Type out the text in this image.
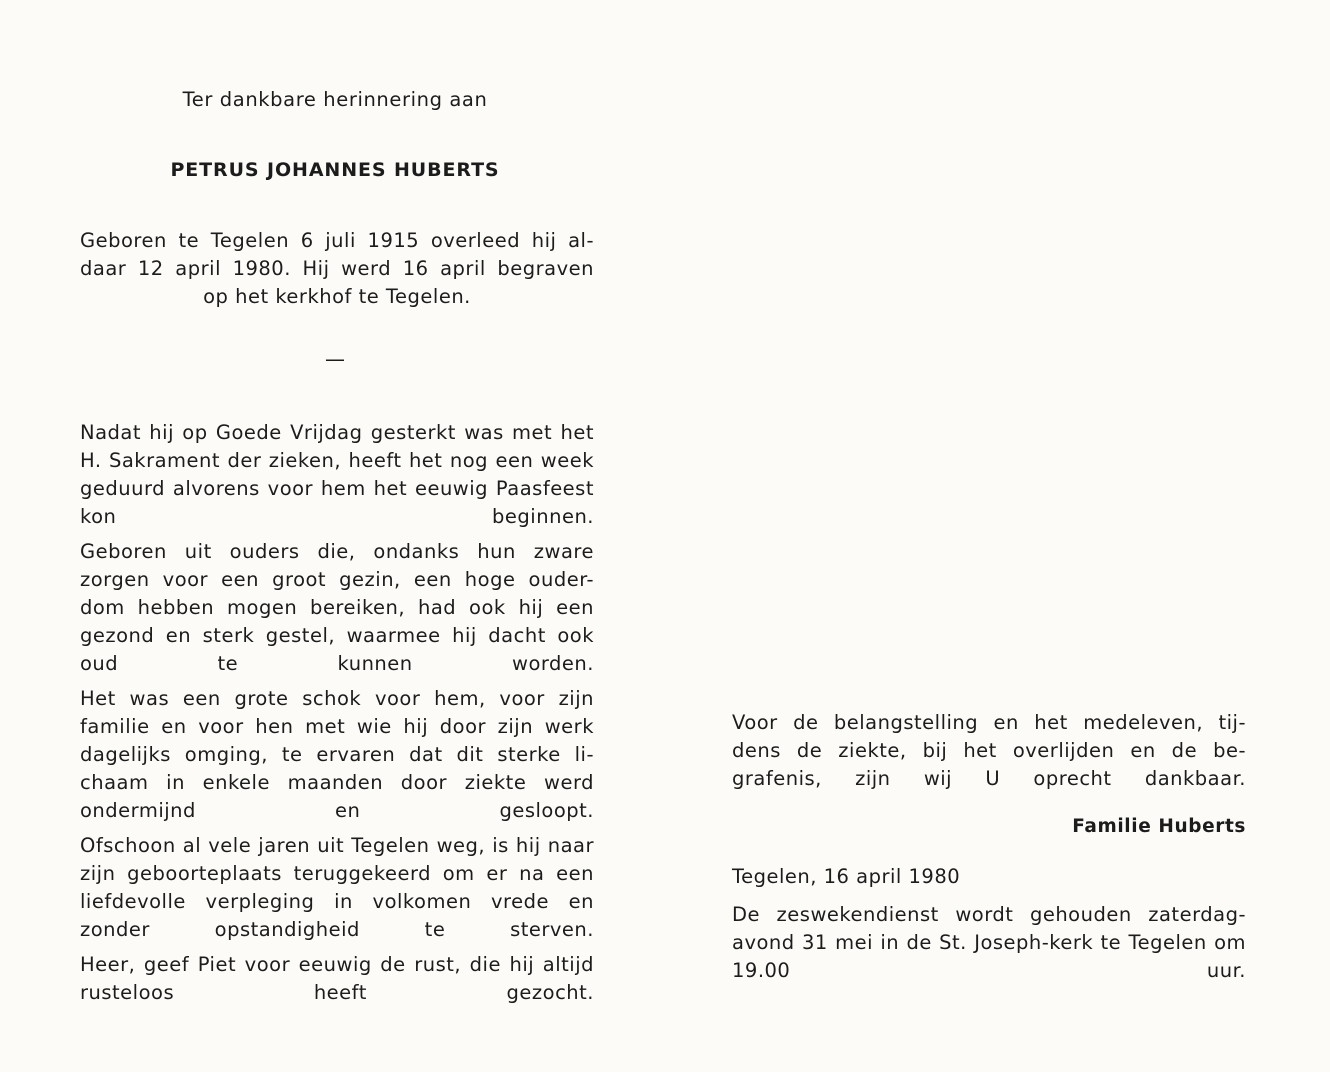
Ter dankbare herinnering aan

PETRUS JOHANNES HUBERTS

Geboren te Tegelen 6 juli 1915 overleed hij al-
daar 12 april 1980. Hij werd 16 april begraven
op het kerkhof te Tegelen.

—

Nadat hij op Goede Vrijdag gesterkt was met het H. Sakrament der zieken, heeft het nog een week geduurd alvorens voor hem het eeuwig Paasfeest kon beginnen.

Geboren uit ouders die, ondanks hun zware zorgen voor een groot gezin, een hoge ouder- dom hebben mogen bereiken, had ook hij een gezond en sterk gestel, waarmee hij dacht ook oud te kunnen worden.

Het was een grote schok voor hem, voor zijn familie en voor hen met wie hij door zijn werk dagelijks omging, te ervaren dat dit sterke li- chaam in enkele maanden door ziekte werd ondermijnd en gesloopt.

Ofschoon al vele jaren uit Tegelen weg, is hij naar zijn geboorteplaats teruggekeerd om er na een liefdevolle verpleging in volkomen vrede en zonder opstandigheid te sterven.

Heer, geef Piet voor eeuwig de rust, die hij altijd rusteloos heeft gezocht.

Voor de belangstelling en het medeleven, tij- dens de ziekte, bij het overlijden en de be- grafenis, zijn wij U oprecht dankbaar.

Familie Huberts

Tegelen, 16 april 1980

De zeswekendienst wordt gehouden zaterdag- avond 31 mei in de St. Joseph-kerk te Tegelen om 19.00 uur.
